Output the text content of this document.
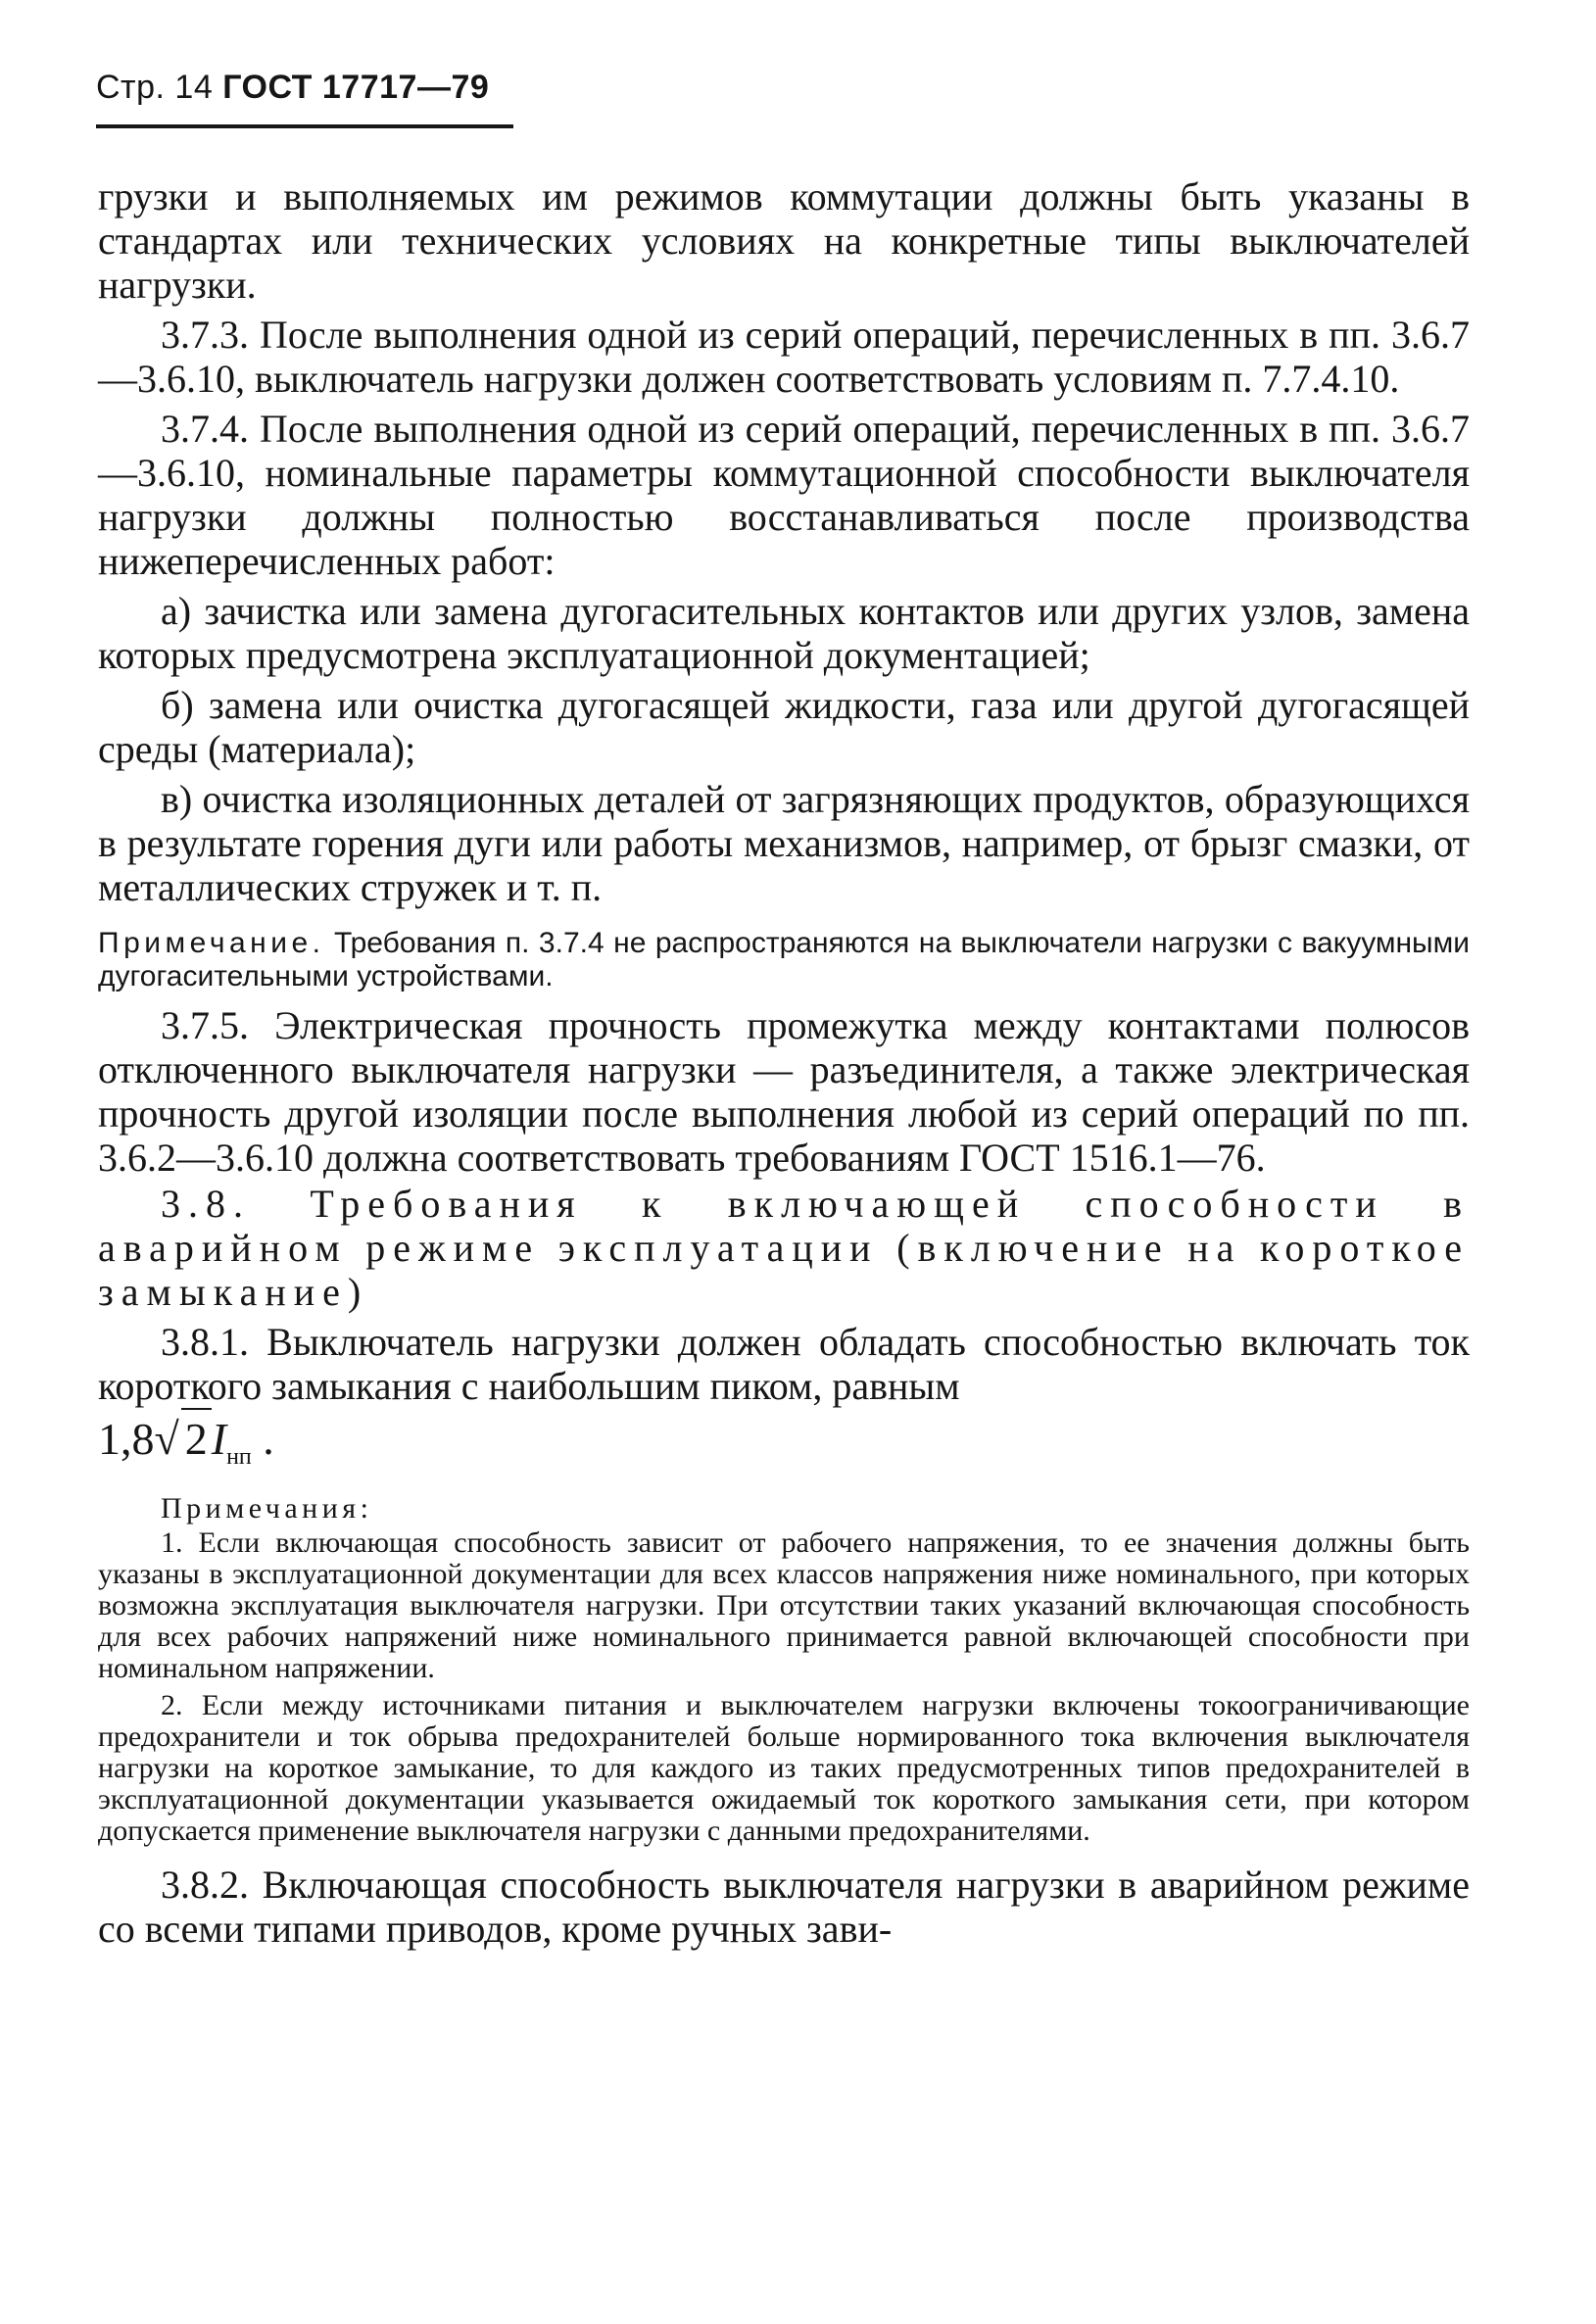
Стр. 14 ГОСТ 17717—79

грузки и выполняемых им режимов коммутации должны быть указаны в стандартах или технических условиях на конкретные типы выключателей нагрузки.

3.7.3. После выполнения одной из серий операций, перечисленных в пп. 3.6.7—3.6.10, выключатель нагрузки должен соответствовать условиям п. 7.7.4.10.

3.7.4. После выполнения одной из серий операций, перечисленных в пп. 3.6.7—3.6.10, номинальные параметры коммутационной способности выключателя нагрузки должны полностью восстанавливаться после производства нижеперечисленных работ:

а) зачистка или замена дугогасительных контактов или других узлов, замена которых предусмотрена эксплуатационной документацией;

б) замена или очистка дугогасящей жидкости, газа или другой дугогасящей среды (материала);

в) очистка изоляционных деталей от загрязняющих продуктов, образующихся в результате горения дуги или работы механизмов, например, от брызг смазки, от металлических стружек и т. п.

Примечание. Требования п. 3.7.4 не распространяются на выключатели нагрузки с вакуумными дугогасительными устройствами.

3.7.5. Электрическая прочность промежутка между контактами полюсов отключенного выключателя нагрузки — разъединителя, а также электрическая прочность другой изоляции после выполнения любой из серий операций по пп. 3.6.2—3.6.10 должна соответствовать требованиям ГОСТ 1516.1—76.

3.8. Требования к включающей способности в аварийном режиме эксплуатации (включение на короткое замыкание)

3.8.1. Выключатель нагрузки должен обладать способностью включать ток короткого замыкания с наибольшим пиком, равным

1,8√ $2I_{нп}$ .

Примечания:

1. Если включающая способность зависит от рабочего напряжения, то ее значения должны быть указаны в эксплуатационной документации для всех классов напряжения ниже номинального, при которых возможна эксплуатация выключателя нагрузки. При отсутствии таких указаний включающая способность для всех рабочих напряжений ниже номинального принимается равной включающей способности при номинальном напряжении.

2. Если между источниками питания и выключателем нагрузки включены токоограничивающие предохранители и ток обрыва предохранителей больше нормированного тока включения выключателя нагрузки на короткое замыкание, то для каждого из таких предусмотренных типов предохранителей в эксплуатационной документации указывается ожидаемый ток короткого замыкания сети, при котором допускается применение выключателя нагрузки с данными предохранителями.

3.8.2. Включающая способность выключателя нагрузки в аварийном режиме со всеми типами приводов, кроме ручных зави-
